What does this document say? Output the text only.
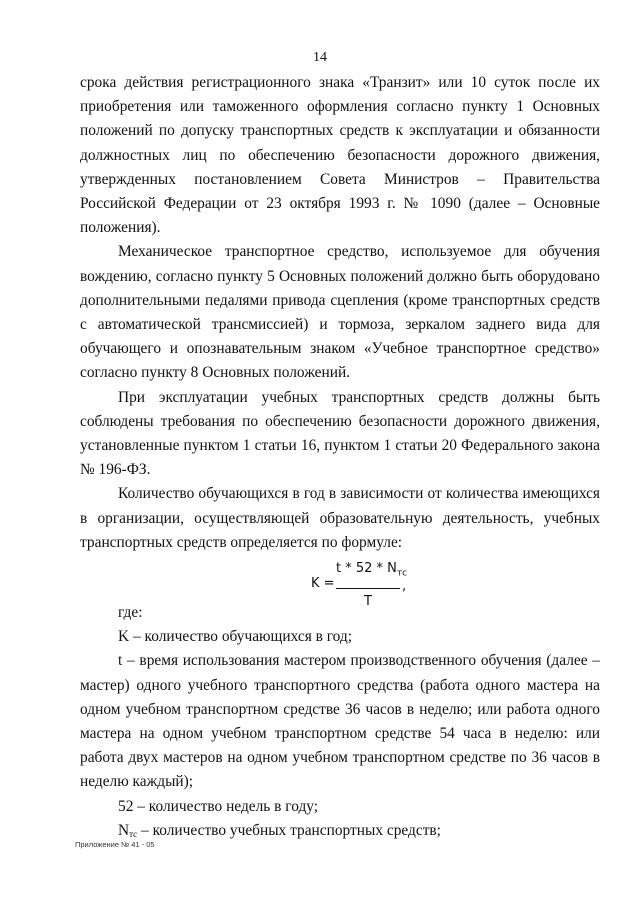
14

срока действия регистрационного знака «Транзит» или 10 суток после их приобретения или таможенного оформления согласно пункту 1 Основных положений по допуску транспортных средств к эксплуатации и обязанности должностных лиц по обеспечению безопасности дорожного движения, утвержденных постановлением Совета Министров – Правительства Российской Федерации от 23 октября 1993 г. № 1090 (далее – Основные положения).

Механическое транспортное средство, используемое для обучения вождению, согласно пункту 5 Основных положений должно быть оборудовано дополнительными педалями привода сцепления (кроме транспортных средств с автоматической трансмиссией) и тормоза, зеркалом заднего вида для обучающего и опознавательным знаком «Учебное транспортное средство» согласно пункту 8 Основных положений.

При эксплуатации учебных транспортных средств должны быть соблюдены требования по обеспечению безопасности дорожного движения, установленные пунктом 1 статьи 16, пунктом 1 статьи 20 Федерального закона № 196-ФЗ.

Количество обучающихся в год в зависимости от количества имеющихся в организации, осуществляющей образовательную деятельность, учебных транспортных средств определяется по формуле:

K =
t * $52 * N_{тс}$
T
,

где:

K – количество обучающихся в год;

t – время использования мастером производственного обучения (далее – мастер) одного учебного транспортного средства (работа одного мастера на одном учебном транспортном средстве 36 часов в неделю; или работа одного мастера на одном учебном транспортном средстве 54 часа в неделю: или работа двух мастеров на одном учебном транспортном средстве по 36 часов в неделю каждый);

52 – количество недель в году;

Nтс – количество учебных транспортных средств;

Приложение № 41 - 05
